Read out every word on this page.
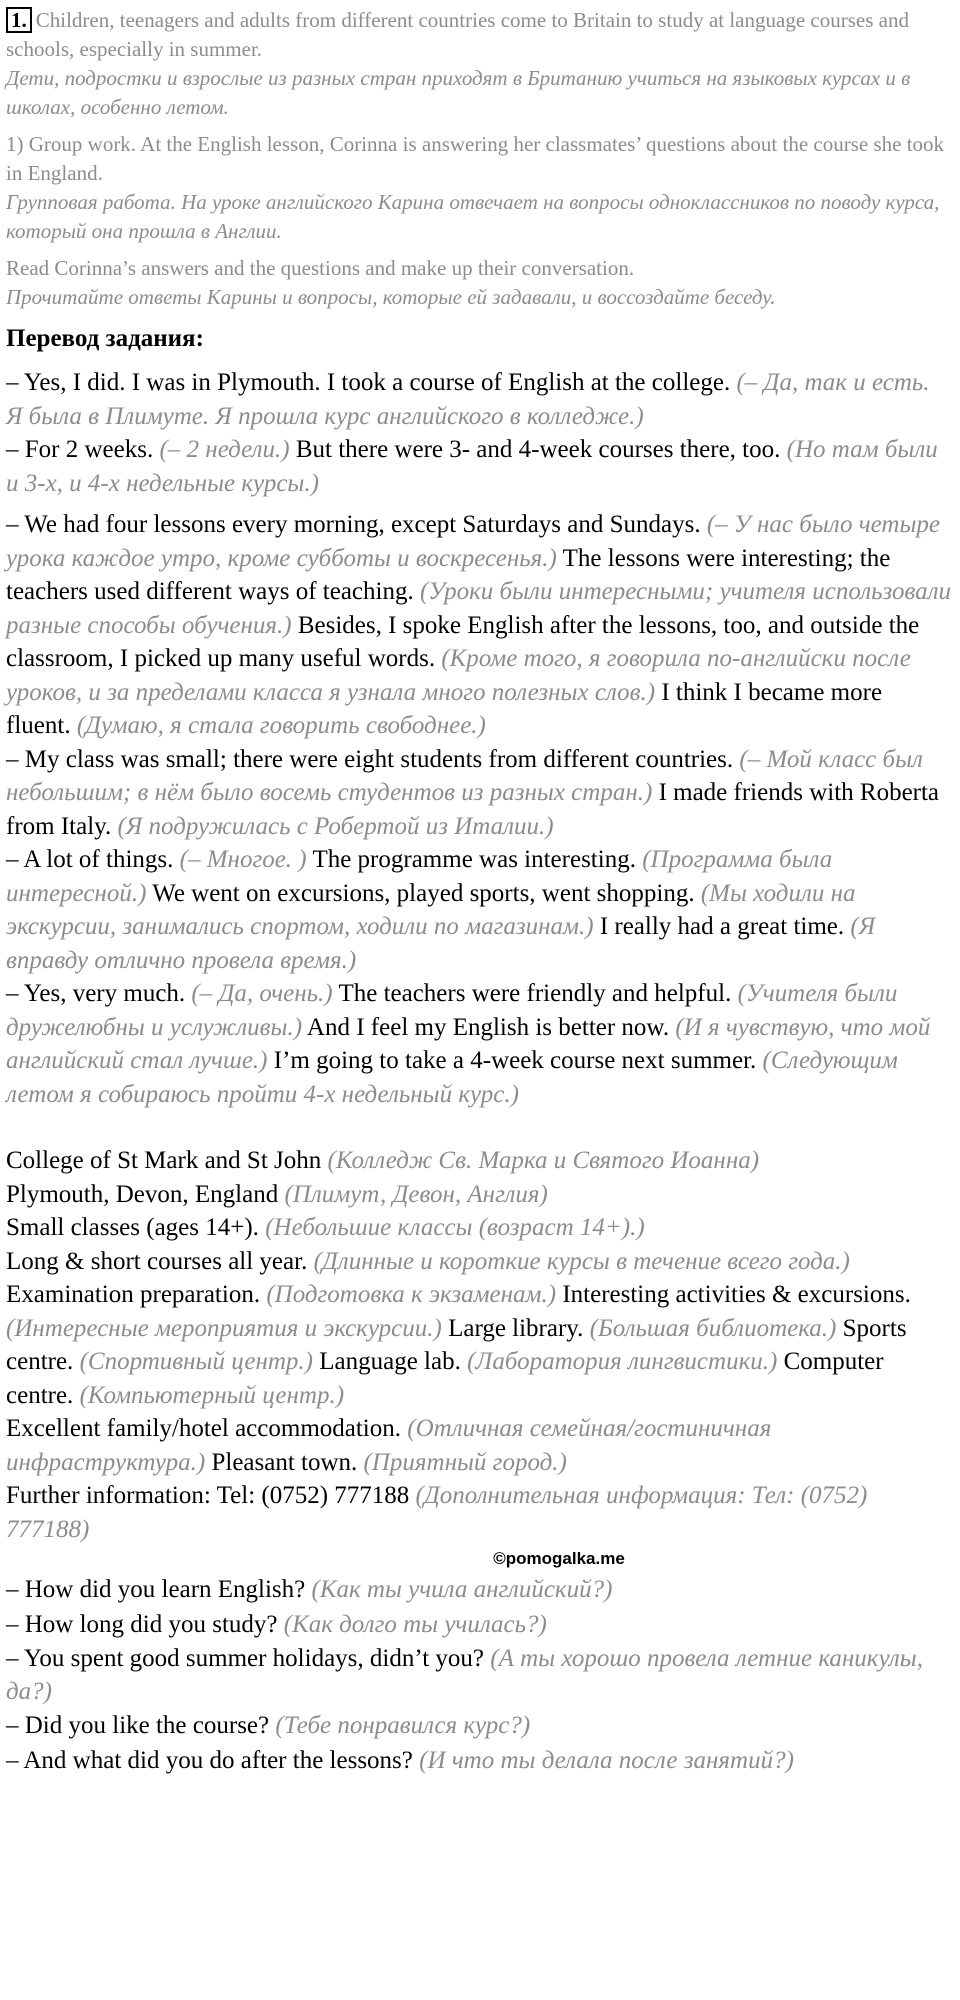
1. Children, teenagers and adults from different countries come to Britain to study at language courses and schools, especially in summer.
Дети, подростки и взрослые из разных стран приходят в Британию учиться на языковых курсах и в школах, особенно летом.
1) Group work. At the English lesson, Corinna is answering her classmates’ questions about the course she took in England.
Групповая работа. На уроке английского Карина отвечает на вопросы одноклассников по поводу курса, который она прошла в Англии.
Read Corinna’s answers and the questions and make up their conversation.
Прочитайте ответы Карины и вопросы, которые ей задавали, и воссоздайте беседу.
Перевод задания:

– Yes, I did. I was in Plymouth. I took a course of English at the college. (– Да, так и есть. Я была в Плимуте. Я прошла курс английского в колледже.)

– For 2 weeks. (– 2 недели.) But there were 3- and 4-week courses there, too. (Но там были и 3-х, и 4-х недельные курсы.)

– We had four lessons every morning, except Saturdays and Sundays. (– У нас было четыре урока каждое утро, кроме субботы и воскресенья.) The lessons were interesting; the teachers used different ways of teaching. (Уроки были интересными; учителя использовали разные способы обучения.) Besides, I spoke English after the lessons, too, and outside the classroom, I picked up many useful words. (Кроме того, я говорила по-английски после уроков, и за пределами класса я узнала много полезных слов.) I think I became more fluent. (Думаю, я стала говорить свободнее.)

– My class was small; there were eight students from different countries. (– Мой класс был небольшим; в нём было восемь студентов из разных стран.) I made friends with Roberta from Italy. (Я подружилась с Робертой из Италии.)

– A lot of things. (– Многое. ) The programme was interesting. (Программа была интересной.) We went on excursions, played sports, went shopping. (Мы ходили на экскурсии, занимались спортом, ходили по магазинам.) I really had a great time. (Я вправду отлично провела время.)

– Yes, very much. (– Да, очень.) The teachers were friendly and helpful. (Учителя были дружелюбны и услужливы.) And I feel my English is better now. (И я чувствую, что мой английский стал лучше.) I’m going to take a 4-week course next summer. (Следующим летом я собираюсь пройти 4-х недельный курс.)

College of St Mark and St John (Колледж Св. Марка и Святого Иоанна)

Plymouth, Devon, England (Плимут, Девон, Англия)

Small classes (ages 14+). (Небольшие классы (возраст 14+).)

Long & short courses all year. (Длинные и короткие курсы в течение всего года.)

Examination preparation. (Подготовка к экзаменам.) Interesting activities & excursions. (Интересные мероприятия и экскурсии.) Large library. (Большая библиотека.) Sports centre. (Спортивный центр.) Language lab. (Лаборатория лингвистики.) Computer centre. (Компьютерный центр.)

Excellent family/hotel accommodation. (Отличная семейная/гостиничная инфраструктура.) Pleasant town. (Приятный город.)

Further information: Tel: (0752) 777188 (Дополнительная информация: Тел: (0752) 777188)

©pomogalka.me
– How did you learn English? (Как ты учила английский?)
– How long did you study? (Как долго ты училась?)
– You spent good summer holidays, didn’t you? (А ты хорошо провела летние каникулы, да?)
– Did you like the course? (Тебе понравился курс?)
– And what did you do after the lessons? (И что ты делала после занятий?)
